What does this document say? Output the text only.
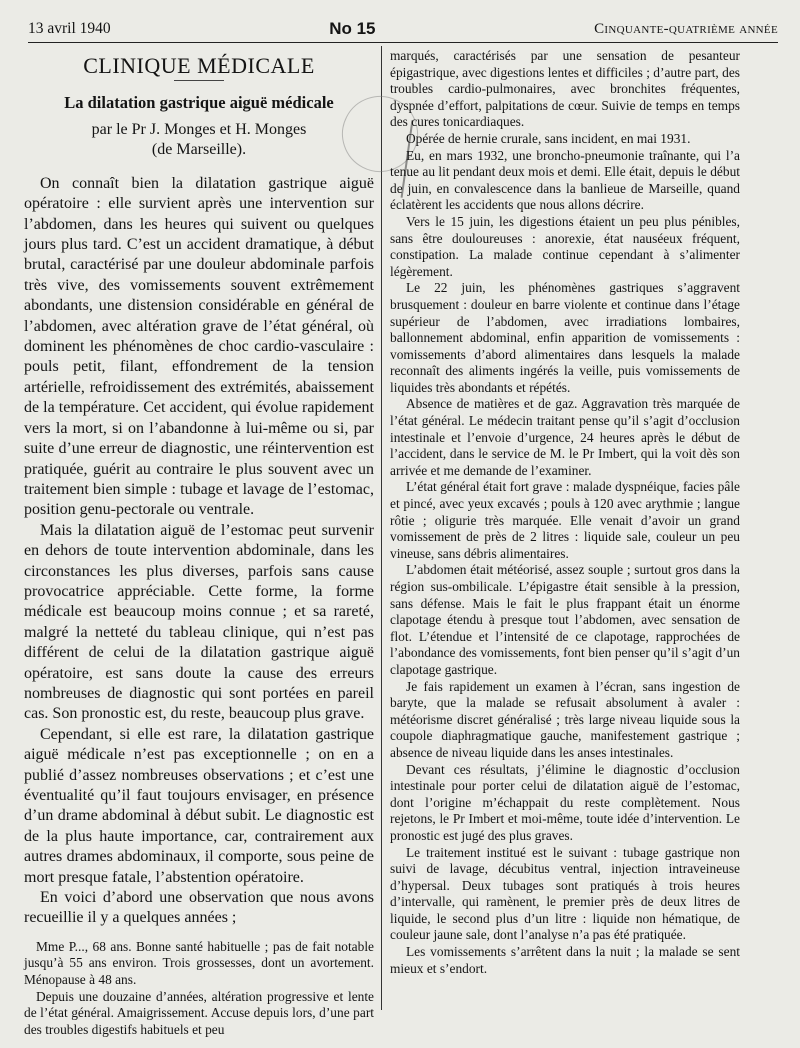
13 avril 1940	No 15	Cinquante-quatrième année
CLINIQUE MÉDICALE
La dilatation gastrique aiguë médicale
par le Pr J. Monges et H. Monges
(de Marseille).

On connaît bien la dilatation gastrique aiguë opératoire : elle survient après une intervention sur l’abdomen, dans les heures qui suivent ou quelques jours plus tard. C’est un accident dramatique, à début brutal, caractérisé par une douleur abdominale parfois très vive, des vomissements souvent extrêmement abondants, une distension considérable en général de l’abdomen, avec altération grave de l’état général, où dominent les phénomènes de choc cardio-vasculaire : pouls petit, filant, effondrement de la tension artérielle, refroidissement des extrémités, abaissement de la température. Cet accident, qui évolue rapidement vers la mort, si on l’abandonne à lui-même ou si, par suite d’une erreur de diagnostic, une réintervention est pratiquée, guérit au contraire le plus souvent avec un traitement bien simple : tubage et lavage de l’estomac, position genu-pectorale ou ventrale.

Mais la dilatation aiguë de l’estomac peut survenir en dehors de toute intervention abdominale, dans les circonstances les plus diverses, parfois sans cause provocatrice appréciable. Cette forme, la forme médicale est beaucoup moins connue ; et sa rareté, malgré la netteté du tableau clinique, qui n’est pas différent de celui de la dilatation gastrique aiguë opératoire, est sans doute la cause des erreurs nombreuses de diagnostic qui sont portées en pareil cas. Son pronostic est, du reste, beaucoup plus grave.

Cependant, si elle est rare, la dilatation gastrique aiguë médicale n’est pas exceptionnelle ; on en a publié d’assez nombreuses observations ; et c’est une éventualité qu’il faut toujours envisager, en présence d’un drame abdominal à début subit. Le diagnostic est de la plus haute importance, car, contrairement aux autres drames abdominaux, il comporte, sous peine de mort presque fatale, l’abstention opératoire.

En voici d’abord une observation que nous avons recueillie il y a quelques années ;

Mme P..., 68 ans. Bonne santé habituelle ; pas de fait notable jusqu’à 55 ans environ. Trois grossesses, dont un avortement. Ménopause à 48 ans.

Depuis une douzaine d’années, altération progressive et lente de l’état général. Amaigrissement. Accuse depuis lors, d’une part des troubles digestifs habituels et peu

marqués, caractérisés par une sensation de pesanteur épigastrique, avec digestions lentes et difficiles ; d’autre part, des troubles cardio-pulmonaires, avec bronchites fréquentes, dyspnée d’effort, palpitations de cœur. Suivie de temps en temps des cures tonicardiaques.

Opérée de hernie crurale, sans incident, en mai 1931.

Eu, en mars 1932, une broncho-pneumonie traînante, qui l’a tenue au lit pendant deux mois et demi. Elle était, depuis le début de juin, en convalescence dans la banlieue de Marseille, quand éclatèrent les accidents que nous allons décrire.

Vers le 15 juin, les digestions étaient un peu plus pénibles, sans être douloureuses : anorexie, état nauséeux fréquent, constipation. La malade continue cependant à s’alimenter légèrement.

Le 22 juin, les phénomènes gastriques s’aggravent brusquement : douleur en barre violente et continue dans l’étage supérieur de l’abdomen, avec irradiations lombaires, ballonnement abdominal, enfin apparition de vomissements : vomissements d’abord alimentaires dans lesquels la malade reconnaît des aliments ingérés la veille, puis vomissements de liquides très abondants et répétés.

Absence de matières et de gaz. Aggravation très marquée de l’état général. Le médecin traitant pense qu’il s’agit d’occlusion intestinale et l’envoie d’urgence, 24 heures après le début de l’accident, dans le service de M. le Pr Imbert, qui la voit dès son arrivée et me demande de l’examiner.

L’état général était fort grave : malade dyspnéique, facies pâle et pincé, avec yeux excavés ; pouls à 120 avec arythmie ; langue rôtie ; oligurie très marquée. Elle venait d’avoir un grand vomissement de près de 2 litres : liquide sale, couleur un peu vineuse, sans débris alimentaires.

L’abdomen était météorisé, assez souple ; surtout gros dans la région sus-ombilicale. L’épigastre était sensible à la pression, sans défense. Mais le fait le plus frappant était un énorme clapotage étendu à presque tout l’abdomen, avec sensation de flot. L’étendue et l’intensité de ce clapotage, rapprochées de l’abondance des vomissements, font bien penser qu’il s’agit d’un clapotage gastrique.

Je fais rapidement un examen à l’écran, sans ingestion de baryte, que la malade se refusait absolument à avaler : météorisme discret généralisé ; très large niveau liquide sous la coupole diaphragmatique gauche, manifestement gastrique ; absence de niveau liquide dans les anses intestinales.

Devant ces résultats, j’élimine le diagnostic d’occlusion intestinale pour porter celui de dilatation aiguë de l’estomac, dont l’origine m’échappait du reste complètement. Nous rejetons, le Pr Imbert et moi-même, toute idée d’intervention. Le pronostic est jugé des plus graves.

Le traitement institué est le suivant : tubage gastrique non suivi de lavage, décubitus ventral, injection intraveineuse d’hypersal. Deux tubages sont pratiqués à trois heures d’intervalle, qui ramènent, le premier près de deux litres de liquide, le second plus d’un litre : liquide non hématique, de couleur jaune sale, dont l’analyse n’a pas été pratiquée.

Les vomissements s’arrêtent dans la nuit ; la malade se sent mieux et s’endort.
